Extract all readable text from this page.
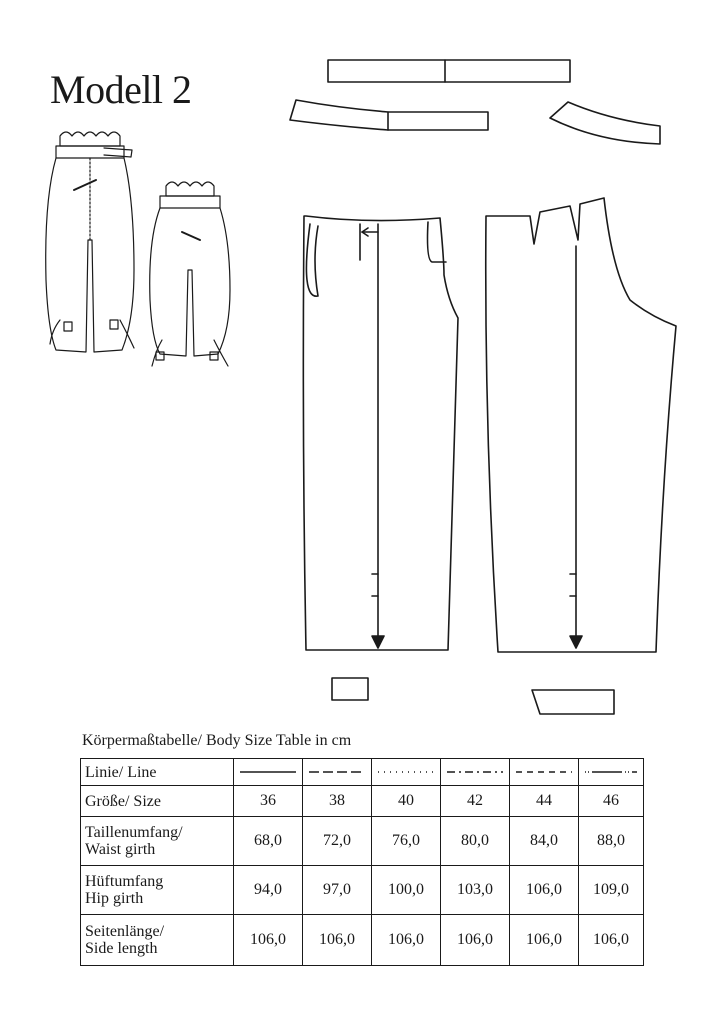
Modell 2
Körpermaßtabelle/ Body Size Table in cm
Linie/ Line						
Größe/ Size	36	38	40	42	44	46

Taillenumfang/
Waist girth	68,0	72,0	76,0	80,0	84,0	88,0

Hüftumfang
Hip girth	94,0	97,0	100,0	103,0	106,0	109,0

Seitenlänge/
Side length	106,0	106,0	106,0	106,0	106,0	106,0
